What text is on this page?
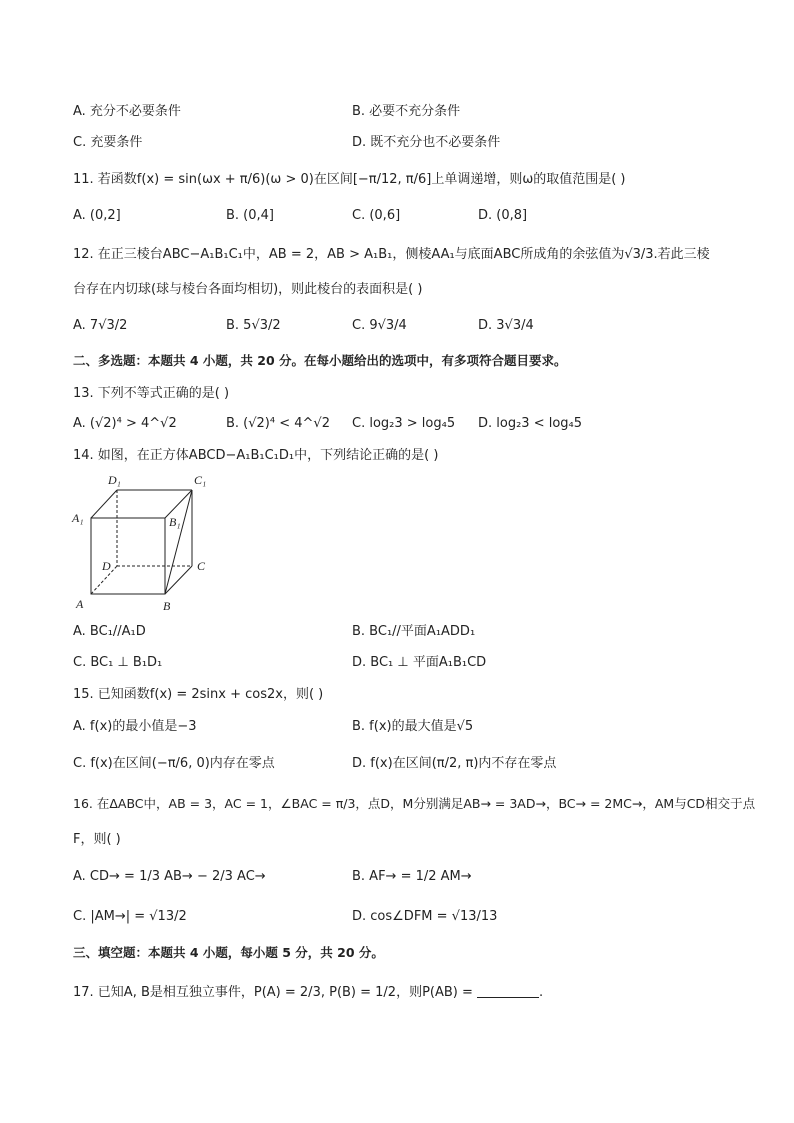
A. 充分不必要条件	B. 必要不充分条件
C. 充要条件	D. 既不充分也不必要条件
11. 若函数f(x) = sin(ωx + π/6)(ω > 0)在区间[−π/12, π/6]上单调递增，则ω的取值范围是( )
A. (0,2]	B. (0,4]	C. (0,6]	D. (0,8]
12. 在正三棱台ABC−A₁B₁C₁中，AB = 2，AB > A₁B₁，侧棱AA₁与底面ABC所成角的余弦值为√3/3.若此三棱
台存在内切球(球与棱台各面均相切)，则此棱台的表面积是( )
A. 7√3/2	B. 5√3/2	C. 9√3/4	D. 3√3/4
二、多选题：本题共 4 小题，共 20 分。在每小题给出的选项中，有多项符合题目要求。
13. 下列不等式正确的是( )
A. (√2)⁴ > 4^√2	B. (√2)⁴ < 4^√2 C. log₂3 > log₄5 D. log₂3 < log₄5
14. 如图，在正方体ABCD−A₁B₁C₁D₁中，下列结论正确的是( )
D₁	C₁
A₁	B₁
D	C
A	B
A. BC₁//A₁D	B. BC₁//平面A₁ADD₁
C. BC₁ ⊥ B₁D₁	D. BC₁ ⊥ 平面A₁B₁CD
15. 已知函数f(x) = 2sinx + cos2x，则( )
A. f(x)的最小值是−3	B. f(x)的最大值是√5
C. f(x)在区间(−π/6, 0)内存在零点	D. f(x)在区间(π/2, π)内不存在零点
16. 在ΔABC中，AB = 3，AC = 1，∠BAC = π/3，点D，M分别满足AB→ = 3AD→，BC→ = 2MC→，AM与CD相交于点
F，则( )
A. CD→ = 1/3 AB→ − 2/3 AC→	B. AF→ = 1/2 AM→
C. |AM→| = √13/2	D. cos∠DFM = √13/13
三、填空题：本题共 4 小题，每小题 5 分，共 20 分。
17. 已知A, B是相互独立事件，P(A) = 2/3, P(B) = 1/2，则P(AB) =	.
